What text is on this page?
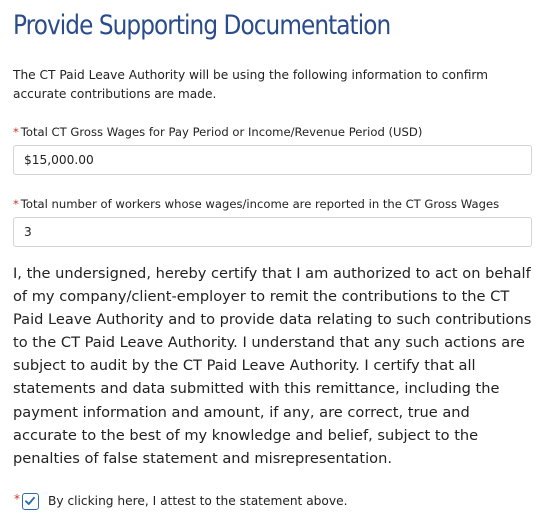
Provide Supporting Documentation

The CT Paid Leave Authority will be using the following information to confirm accurate contributions are made.

* Total CT Gross Wages for Pay Period or Income/Revenue Period (USD)
$15,000.00
* Total number of workers whose wages/income are reported in the CT Gross Wages
3

I, the undersigned, hereby certify that I am authorized to act on behalf of my company/client-employer to remit the contributions to the CT Paid Leave Authority and to provide data relating to such contributions to the CT Paid Leave Authority. I understand that any such actions are subject to audit by the CT Paid Leave Authority. I certify that all statements and data submitted with this remittance, including the payment information and amount, if any, are correct, true and accurate to the best of my knowledge and belief, subject to the penalties of false statement and misrepresentation.

* By clicking here, I attest to the statement above.
